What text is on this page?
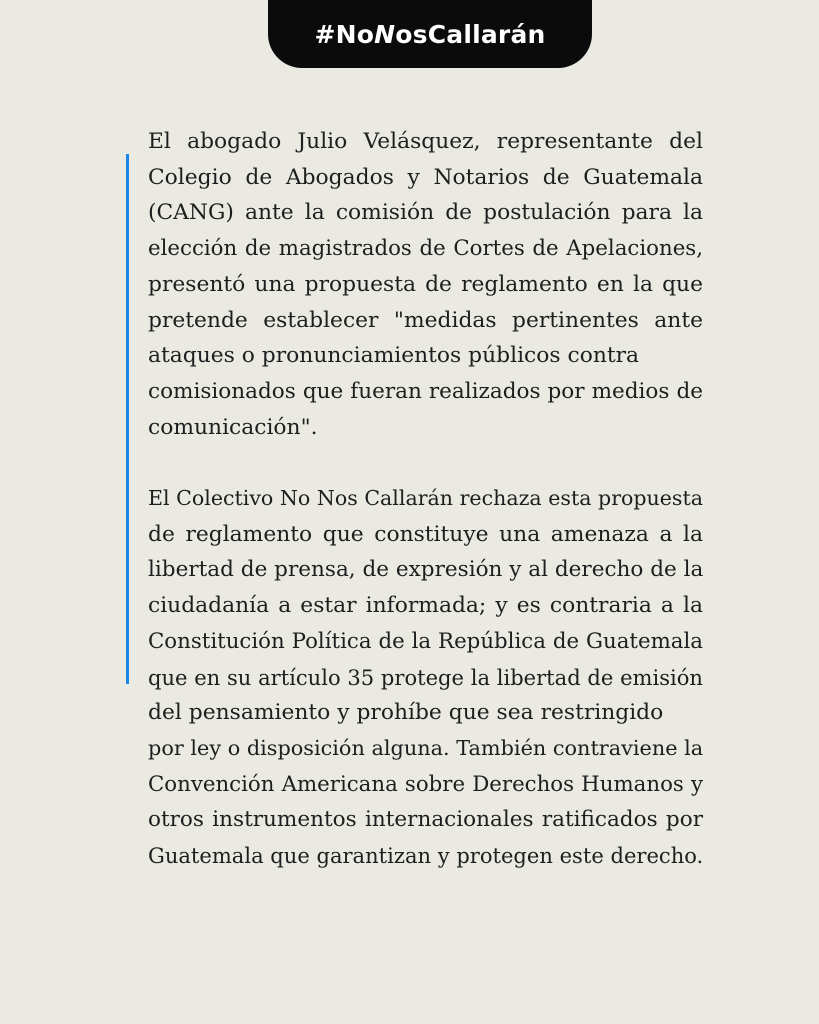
#NoNosCallarán
El abogado Julio Velásquez, representante del
Colegio de Abogados y Notarios de Guatemala
(CANG) ante la comisión de postulación para la
elección de magistrados de Cortes de Apelaciones,
presentó una propuesta de reglamento en la que
pretende establecer "medidas pertinentes ante
ataques o pronunciamientos públicos contra
comisionados que fueran realizados por medios de
comunicación".
El Colectivo No Nos Callarán rechaza esta propuesta
de reglamento que constituye una amenaza a la
libertad de prensa, de expresión y al derecho de la
ciudadanía a estar informada; y es contraria a la
Constitución Política de la República de Guatemala
que en su artículo 35 protege la libertad de emisión
del pensamiento y prohíbe que sea restringido
por ley o disposición alguna. También contraviene la
Convención Americana sobre Derechos Humanos y
otros instrumentos internacionales ratificados por
Guatemala que garantizan y protegen este derecho.
